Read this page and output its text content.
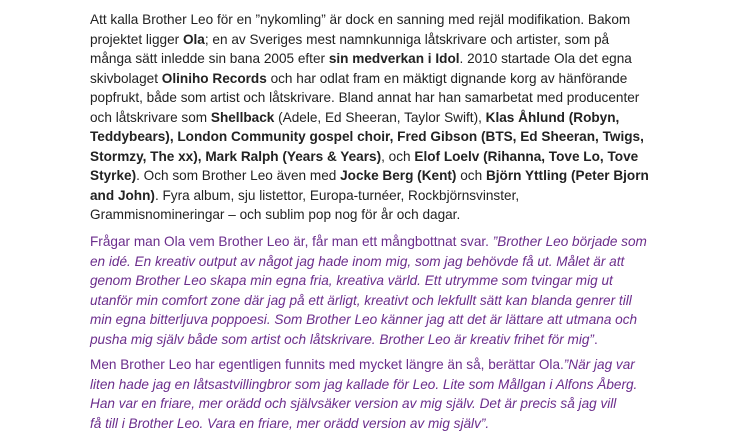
Att kalla Brother Leo för en ”nykomling” är dock en sanning med rejäl modifikation. Bakom
projektet ligger Ola; en av Sveriges mest namnkunniga låtskrivare och artister, som på
många sätt inledde sin bana 2005 efter sin medverkan i Idol. 2010 startade Ola det egna
skivbolaget Oliniho Records och har odlat fram en mäktigt dignande korg av hänförande
popfrukt, både som artist och låtskrivare. Bland annat har han samarbetat med producenter
och låtskrivare som Shellback (Adele, Ed Sheeran, Taylor Swift), Klas Åhlund (Robyn,
Teddybears), London Community gospel choir, Fred Gibson (BTS, Ed Sheeran, Twigs,
Stormzy, The xx), Mark Ralph (Years & Years), och Elof Loelv (Rihanna, Tove Lo, Tove
Styrke). Och som Brother Leo även med Jocke Berg (Kent) och Björn Yttling (Peter Bjorn
and John). Fyra album, sju listettor, Europa-turnéer, Rockbjörnsvinster,
Grammisnomineringar – och sublim pop nog för år och dagar.
Frågar man Ola vem Brother Leo är, får man ett mångbottnat svar. ”Brother Leo började som
en idé. En kreativ output av något jag hade inom mig, som jag behövde få ut. Målet är att
genom Brother Leo skapa min egna fria, kreativa värld. Ett utrymme som tvingar mig ut
utanför min comfort zone där jag på ett ärligt, kreativt och lekfullt sätt kan blanda genrer till
min egna bitterljuva poppoesi. Som Brother Leo känner jag att det är lättare att utmana och
pusha mig själv både som artist och låtskrivare. Brother Leo är kreativ frihet för mig”.
Men Brother Leo har egentligen funnits med mycket längre än så, berättar Ola.”När jag var
liten hade jag en låtsastvillingbror som jag kallade för Leo. Lite som Mållgan i Alfons Åberg.
Han var en friare, mer orädd och självsäker version av mig själv. Det är precis så jag vill
få till i Brother Leo. Vara en friare, mer orädd version av mig själv”.
